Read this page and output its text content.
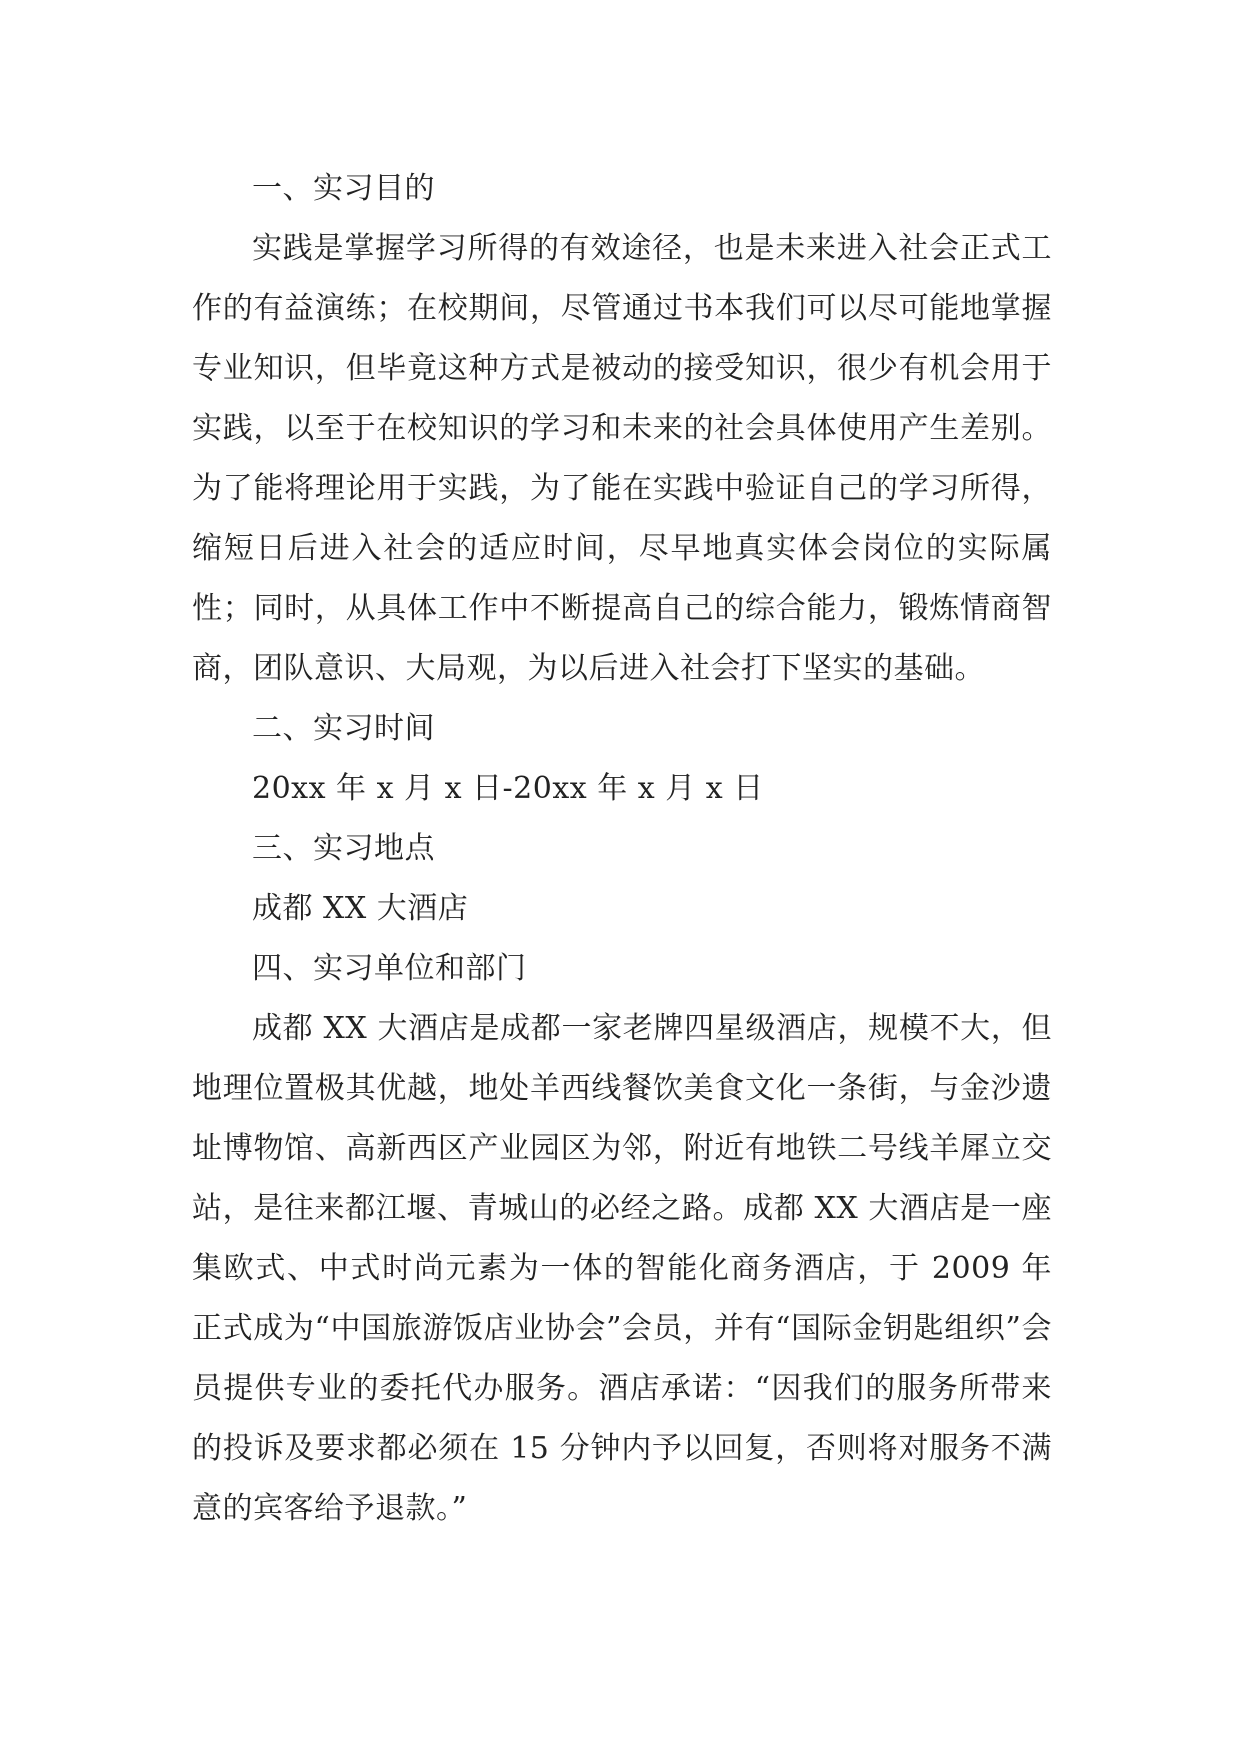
一、实习目的

实践是掌握学习所得的有效途径，也是未来进入社会正式工作的有益演练；在校期间，尽管通过书本我们可以尽可能地掌握专业知识，但毕竟这种方式是被动的接受知识，很少有机会用于实践，以至于在校知识的学习和未来的社会具体使用产生差别。为了能将理论用于实践，为了能在实践中验证自己的学习所得，缩短日后进入社会的适应时间，尽早地真实体会岗位的实际属性；同时，从具体工作中不断提高自己的综合能力，锻炼情商智商，团队意识、大局观，为以后进入社会打下坚实的基础。

二、实习时间

20xx 年 x 月 x 日-20xx 年 x 月 x 日

三、实习地点

成都 XX 大酒店

四、实习单位和部门

成都 XX 大酒店是成都一家老牌四星级酒店，规模不大，但地理位置极其优越，地处羊西线餐饮美食文化一条街，与金沙遗址博物馆、高新西区产业园区为邻，附近有地铁二号线羊犀立交站，是往来都江堰、青城山的必经之路。成都 XX 大酒店是一座集欧式、中式时尚元素为一体的智能化商务酒店，于 2009 年正式成为“中国旅游饭店业协会”会员，并有“国际金钥匙组织”会员提供专业的委托代办服务。酒店承诺：“因我们的服务所带来的投诉及要求都必须在 15 分钟内予以回复，否则将对服务不满意的宾客给予退款。”
